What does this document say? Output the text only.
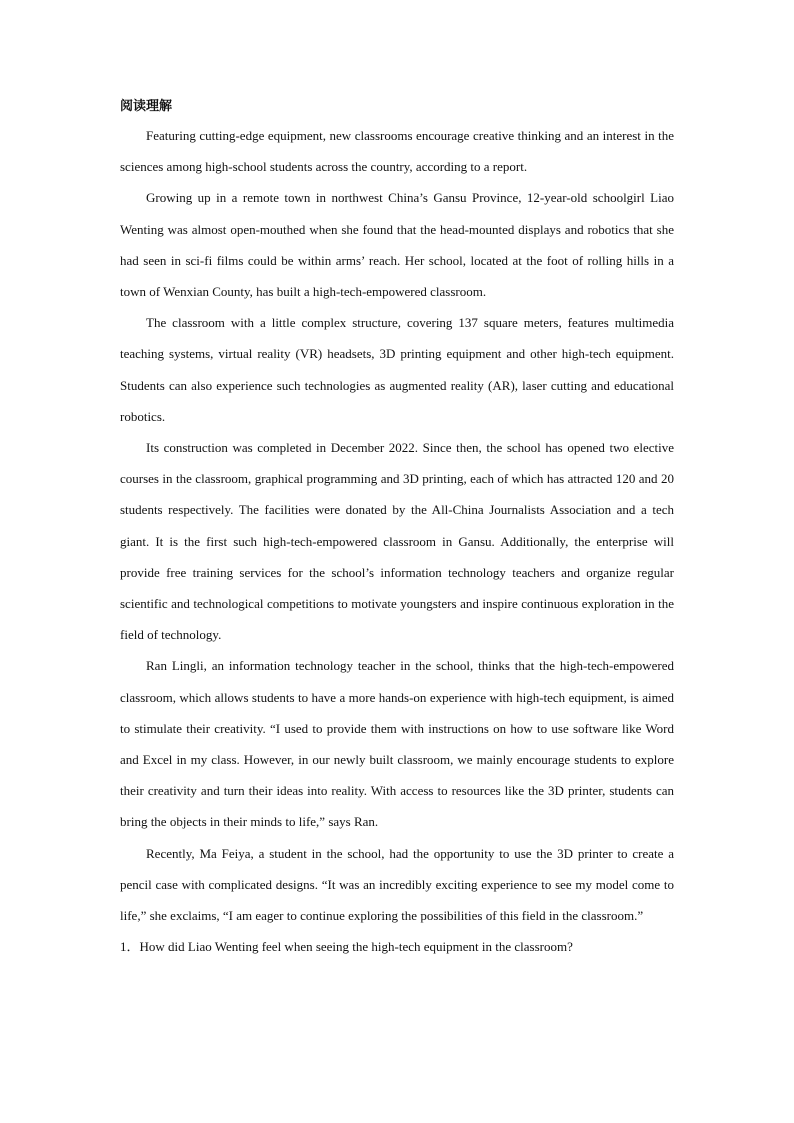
阅读理解

Featuring cutting-edge equipment, new classrooms encourage creative thinking and an interest in the sciences among high-school students across the country, according to a report.

Growing up in a remote town in northwest China’s Gansu Province, 12-year-old schoolgirl Liao Wenting was almost open-mouthed when she found that the head-mounted displays and robotics that she had seen in sci-fi films could be within arms’ reach. Her school, located at the foot of rolling hills in a town of Wenxian County, has built a high-tech-empowered classroom.

The classroom with a little complex structure, covering 137 square meters, features multimedia teaching systems, virtual reality (VR) headsets, 3D printing equipment and other high-tech equipment. Students can also experience such technologies as augmented reality (AR), laser cutting and educational robotics.

Its construction was completed in December 2022. Since then, the school has opened two elective courses in the classroom, graphical programming and 3D printing, each of which has attracted 120 and 20 students respectively. The facilities were donated by the All-China Journalists Association and a tech giant. It is the first such high-tech-empowered classroom in Gansu. Additionally, the enterprise will provide free training services for the school’s information technology teachers and organize regular scientific and technological competitions to motivate youngsters and inspire continuous exploration in the field of technology.

Ran Lingli, an information technology teacher in the school, thinks that the high-tech-empowered classroom, which allows students to have a more hands-on experience with high-tech equipment, is aimed to stimulate their creativity. “I used to provide them with instructions on how to use software like Word and Excel in my class. However, in our newly built classroom, we mainly encourage students to explore their creativity and turn their ideas into reality. With access to resources like the 3D printer, students can bring the objects in their minds to life,” says Ran.

Recently, Ma Feiya, a student in the school, had the opportunity to use the 3D printer to create a pencil case with complicated designs. “It was an incredibly exciting experience to see my model come to life,” she exclaims, “I am eager to continue exploring the possibilities of this field in the classroom.”

1．How did Liao Wenting feel when seeing the high-tech equipment in the classroom?
